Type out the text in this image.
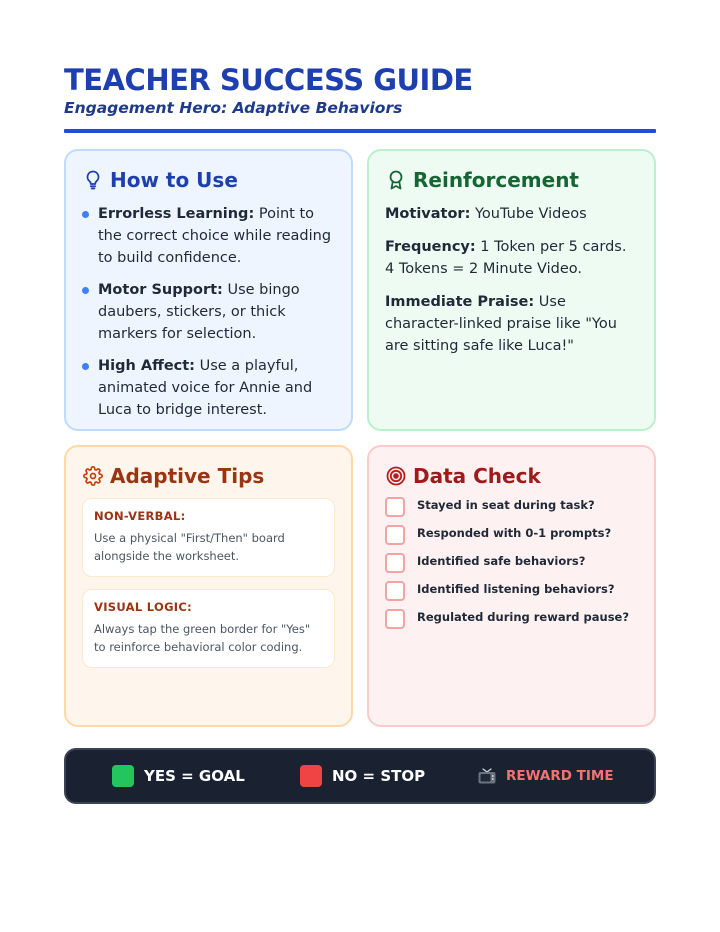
TEACHER SUCCESS GUIDE
Engagement Hero: Adaptive Behaviors
How to Use
Errorless Learning: Point to the correct choice while reading to build confidence.
Motor Support: Use bingo daubers, stickers, or thick markers for selection.
High Affect: Use a playful, animated voice for Annie and Luca to bridge interest.
Reinforcement

Motivator: YouTube Videos

Frequency: 1 Token per 5 cards. 4 Tokens = 2 Minute Video.

Immediate Praise: Use character-linked praise like "You are sitting safe like Luca!"

Adaptive Tips
NON-VERBAL:
Use a physical "First/Then" board alongside the worksheet.
VISUAL LOGIC:
Always tap the green border for "Yes" to reinforce behavioral color coding.
Data Check
Stayed in seat during task?
Responded with 0-1 prompts?
Identified safe behaviors?
Identified listening behaviors?
Regulated during reward pause?
YES = GOAL	NO = STOP	REWARD TIME
